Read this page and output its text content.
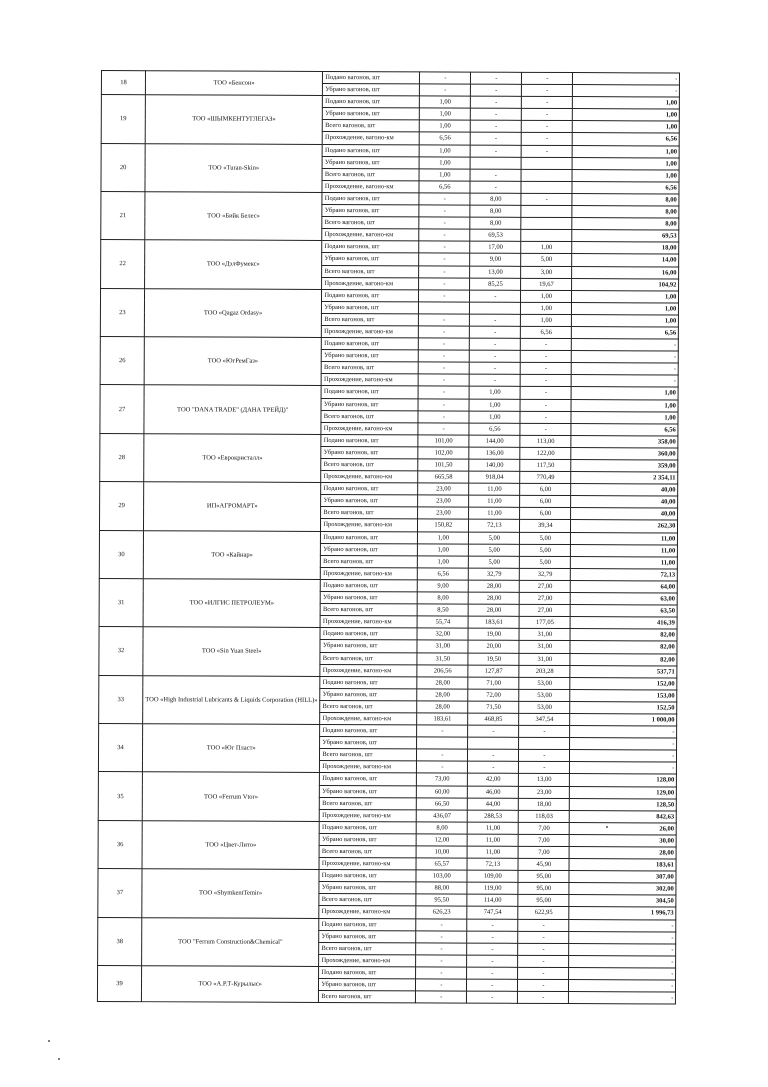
18	ТОО «Бенсон»	Подано вагонов, шт	-	-	-	-
		Убрано вагонов, шт	-	-	-	-
19	ТОО «ШЫМКЕНТУГЛЕГАЗ»	Подано вагонов, шт	1,00	-	-	1,00
		Убрано вагонов, шт	1,00	-	-	1,00
		Всего вагонов, шт	1,00	-	-	1,00
		Прохождение, вагоно-км	6,56	-	-	6,56
20	ТОО «Turan-Skin»	Подано вагонов, шт	1,00	-	-	1,00
		Убрано вагонов, шт	1,00			1,00
		Всего вагонов, шт	1,00	-		1,00
		Прохождение, вагоно-км	6,56	-		6,56
21	ТОО «Бийк Белес»	Подано вагонов, шт	-	8,00	-	8,00
		Убрано вагонов, шт	-	8,00		8,00
		Всего вагонов, шт	-	8,00		8,00
		Прохождение, вагоно-км	-	69,53		69,53
22	ТОО «ДэлФумекс»	Подано вагонов, шт	-	17,00	1,00	18,00
		Убрано вагонов, шт	-	9,00	5,00	14,00
		Всего вагонов, шт	-	13,00	3,00	16,00
		Прохождение, вагоно-км	-	85,25	19,67	104,92
23	ТОО «Qagaz Ordasy»	Подано вагонов, шт	-	-	1,00	1,00
		Убрано вагонов, шт			1,00	1,00
		Всего вагонов, шт	-	-	1,00	1,00
		Прохождение, вагоно-км	-	-	6,56	6,56
26	ТОО «ЮгРемГаз»	Подано вагонов, шт	-	-	-	-
		Убрано вагонов, шт	-	-	-	-
		Всего вагонов, шт	-	-	-	-
		Прохождение, вагоно-км	-	-	-	-
27	ТОО "DANA TRADE" (ДАНА ТРЕЙД)"	Подано вагонов, шт	-	1,00	-	1,00
		Убрано вагонов, шт	-	1,00	-	1,00
		Всего вагонов, шт	-	1,00	-	1,00
		Прохождение, вагоно-км	-	6,56	-	6,56
28	ТОО «Еврокристалл»	Подано вагонов, шт	101,00	144,00	113,00	358,00
		Убрано вагонов, шт	102,00	136,00	122,00	360,00
		Всего вагонов, шт	101,50	140,00	117,50	359,00
		Прохождение, вагоно-км	665,58	918,04	770,49	2 354,11
29	ИП«АГРОМАРТ»	Подано вагонов, шт	23,00	11,00	6,00	40,00
		Убрано вагонов, шт	23,00	11,00	6,00	40,00
		Всего вагонов, шт	23,00	11,00	6,00	40,00
		Прохождение, вагоно-км	150,82	72,13	39,34	262,30
30	ТОО «Кайнар»	Подано вагонов, шт	1,00	5,00	5,00	11,00
		Убрано вагонов, шт	1,00	5,00	5,00	11,00
		Всего вагонов, шт	1,00	5,00	5,00	11,00
		Прохождение, вагоно-км	6,56	32,79	32,79	72,13
31	ТОО «ИЛГИС ПЕТРОЛЕУМ»	Подано вагонов, шт	9,00	28,00	27,00	64,00
		Убрано вагонов, шт	8,00	28,00	27,00	63,00
		Всего вагонов, шт	8,50	28,00	27,00	63,50
		Прохождение, вагоно-км	55,74	183,61	177,05	416,39
32	ТОО «Sin Yuan Steel»	Подано вагонов, шт	32,00	19,00	31,00	82,00
		Убрано вагонов, шт	31,00	20,00	31,00	82,00
		Всего вагонов, шт	31,50	19,50	31,00	82,00
		Прохождение, вагоно-км	206,56	127,87	203,28	537,71
33	ТОО «High Industrial Lubricants & Liquids Corporation (HILL)»	Подано вагонов, шт	28,00	71,00	53,00	152,00
		Убрано вагонов, шт	28,00	72,00	53,00	153,00
		Всего вагонов, шт	28,00	71,50	53,00	152,50
		Прохождение, вагоно-км	183,61	468,85	347,54	1 000,00
34	ТОО «Юг Пласт»	Подано вагонов, шт	-	-	-	-
		Убрано вагонов, шт				-
		Всего вагонов, шт	-	-	-	-
		Прохождение, вагоно-км	-	-	-	-
35	ТОО «Ferrum Vtor»	Подано вагонов, шт	73,00	42,00	13,00	128,00
		Убрано вагонов, шт	60,00	46,00	23,00	129,00
		Всего вагонов, шт	66,50	44,00	18,00	128,50
		Прохождение, вагоно-км	436,07	288,53	118,03	842,63
36	ТОО «Цвет-Лито»	Подано вагонов, шт	8,00	11,00	7,00	26,00
		Убрано вагонов, шт	12,00	11,00	7,00	30,00
		Всего вагонов, шт	10,00	11,00	7,00	28,00
		Прохождение, вагоно-км	65,57	72,13	45,90	183,61
37	ТОО «ShymkentTemir»	Подано вагонов, шт	103,00	109,00	95,00	307,00
		Убрано вагонов, шт	88,00	119,00	95,00	302,00
		Всего вагонов, шт	95,50	114,00	95,00	304,50
		Прохождение, вагоно-км	626,23	747,54	622,95	1 996,73
38	ТОО "Ferrum Construction&Chemical"	Подано вагонов, шт	-	-	-	-
		Убрано вагонов, шт	-	-	-	-
		Всего вагонов, шт	-	-	-	-
		Прохождение, вагоно-км	-	-	-	-
39	ТОО «А.Р.Т-Курылыс»	Подано вагонов, шт	-	-	-	-
		Убрано вагонов, шт	-	-	-	-
		Всего вагонов, шт	-	-	-	-
